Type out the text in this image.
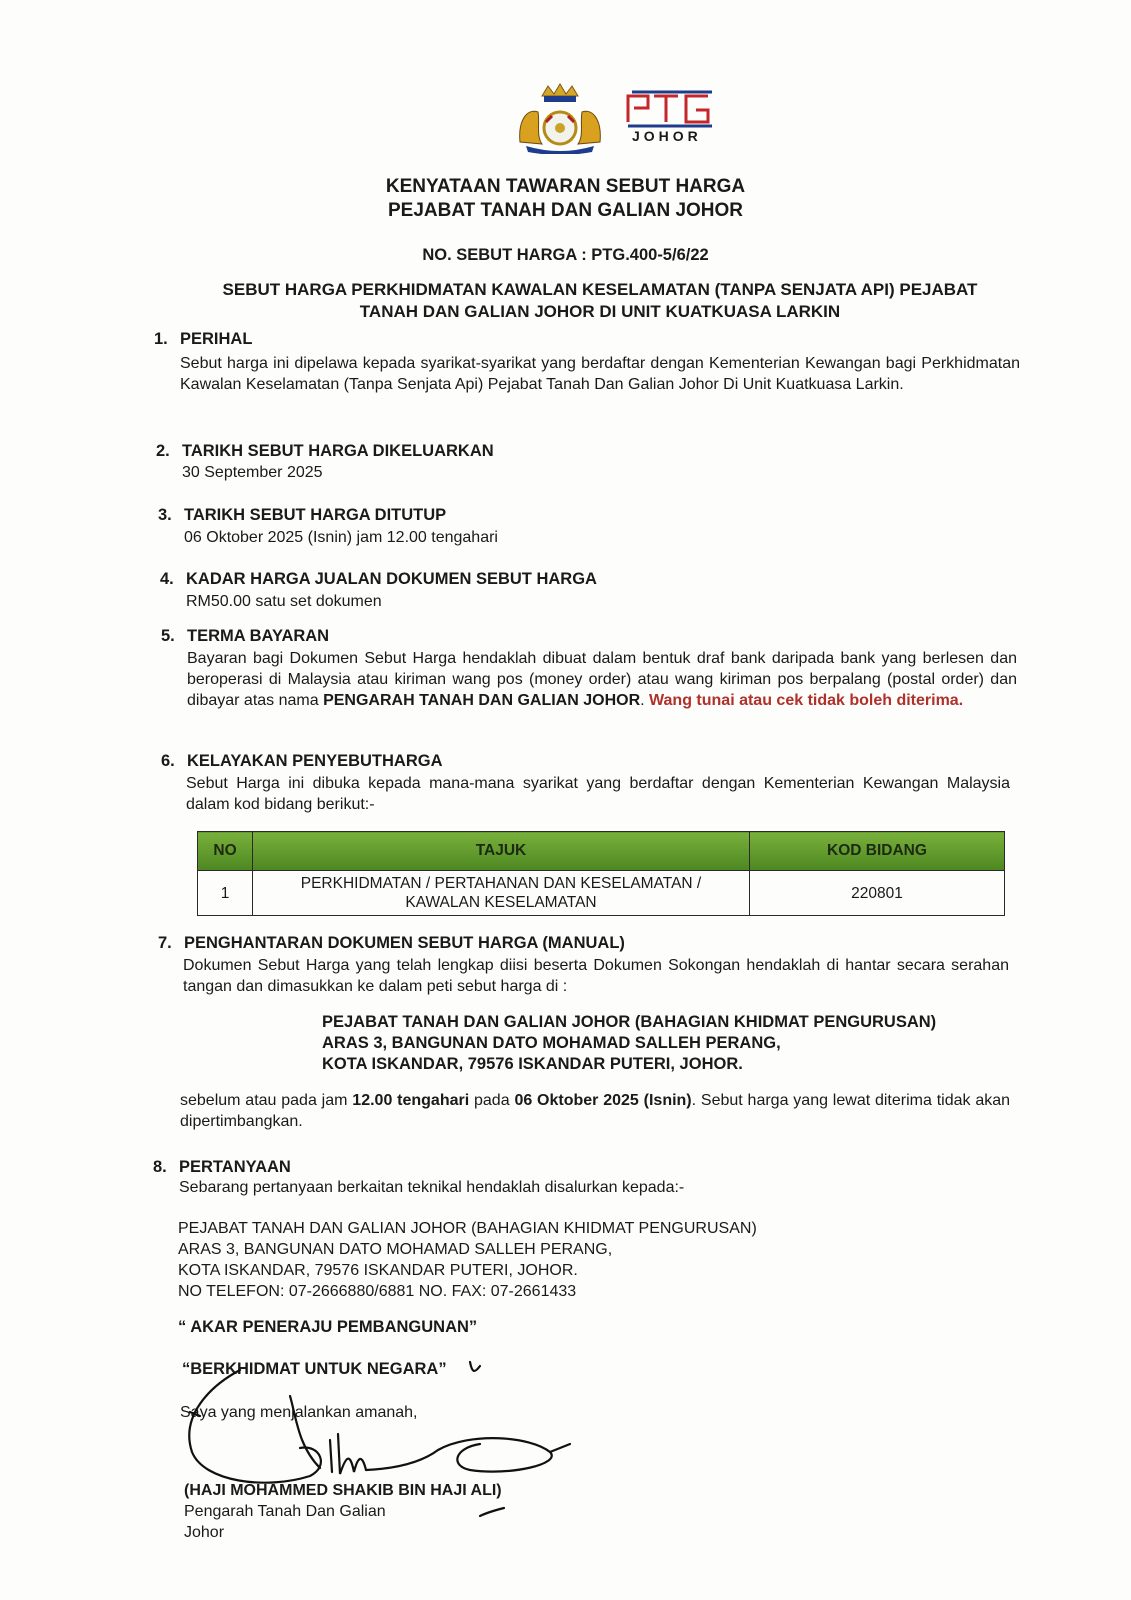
JOHOR
KENYATAAN TAWARAN SEBUT HARGA
PEJABAT TANAH DAN GALIAN JOHOR
NO. SEBUT HARGA : PTG.400-5/6/22
SEBUT HARGA PERKHIDMATAN KAWALAN KESELAMATAN (TANPA SENJATA API) PEJABAT
TANAH DAN GALIAN JOHOR DI UNIT KUATKUASA LARKIN
1. PERIHAL
Sebut harga ini dipelawa kepada syarikat-syarikat yang berdaftar dengan Kementerian Kewangan bagi Perkhidmatan Kawalan Keselamatan (Tanpa Senjata Api) Pejabat Tanah Dan Galian Johor Di Unit Kuatkuasa Larkin.
2. TARIKH SEBUT HARGA DIKELUARKAN
30 September 2025
3. TARIKH SEBUT HARGA DITUTUP
06 Oktober 2025 (Isnin) jam 12.00 tengahari
4. KADAR HARGA JUALAN DOKUMEN SEBUT HARGA
RM50.00 satu set dokumen
5. TERMA BAYARAN
Bayaran bagi Dokumen Sebut Harga hendaklah dibuat dalam bentuk draf bank daripada bank yang berlesen dan beroperasi di Malaysia atau kiriman wang pos (money order) atau wang kiriman pos berpalang (postal order) dan dibayar atas nama PENGARAH TANAH DAN GALIAN JOHOR. Wang tunai atau cek tidak boleh diterima.
6. KELAYAKAN PENYEBUTHARGA
Sebut Harga ini dibuka kepada mana-mana syarikat yang berdaftar dengan Kementerian Kewangan Malaysia dalam kod bidang berikut:-
NO	TAJUK	KOD BIDANG
1	PERKHIDMATAN / PERTAHANAN DAN KESELAMATAN /
KAWALAN KESELAMATAN	220801
7. PENGHANTARAN DOKUMEN SEBUT HARGA (MANUAL)
Dokumen Sebut Harga yang telah lengkap diisi beserta Dokumen Sokongan hendaklah di hantar secara serahan tangan dan dimasukkan ke dalam peti sebut harga di :
PEJABAT TANAH DAN GALIAN JOHOR (BAHAGIAN KHIDMAT PENGURUSAN)
ARAS 3, BANGUNAN DATO MOHAMAD SALLEH PERANG,
KOTA ISKANDAR, 79576 ISKANDAR PUTERI, JOHOR.
sebelum atau pada jam 12.00 tengahari pada 06 Oktober 2025 (Isnin). Sebut harga yang lewat diterima tidak akan dipertimbangkan.
8. PERTANYAAN
Sebarang pertanyaan berkaitan teknikal hendaklah disalurkan kepada:-
PEJABAT TANAH DAN GALIAN JOHOR (BAHAGIAN KHIDMAT PENGURUSAN)
ARAS 3, BANGUNAN DATO MOHAMAD SALLEH PERANG,
KOTA ISKANDAR, 79576 ISKANDAR PUTERI, JOHOR.
NO TELEFON: 07-2666880/6881 NO. FAX: 07-2661433
“ AKAR PENERAJU PEMBANGUNAN”
“BERKHIDMAT UNTUK NEGARA”
Saya yang menjalankan amanah,
(HAJI MOHAMMED SHAKIB BIN HAJI ALI)
Pengarah Tanah Dan Galian
Johor
